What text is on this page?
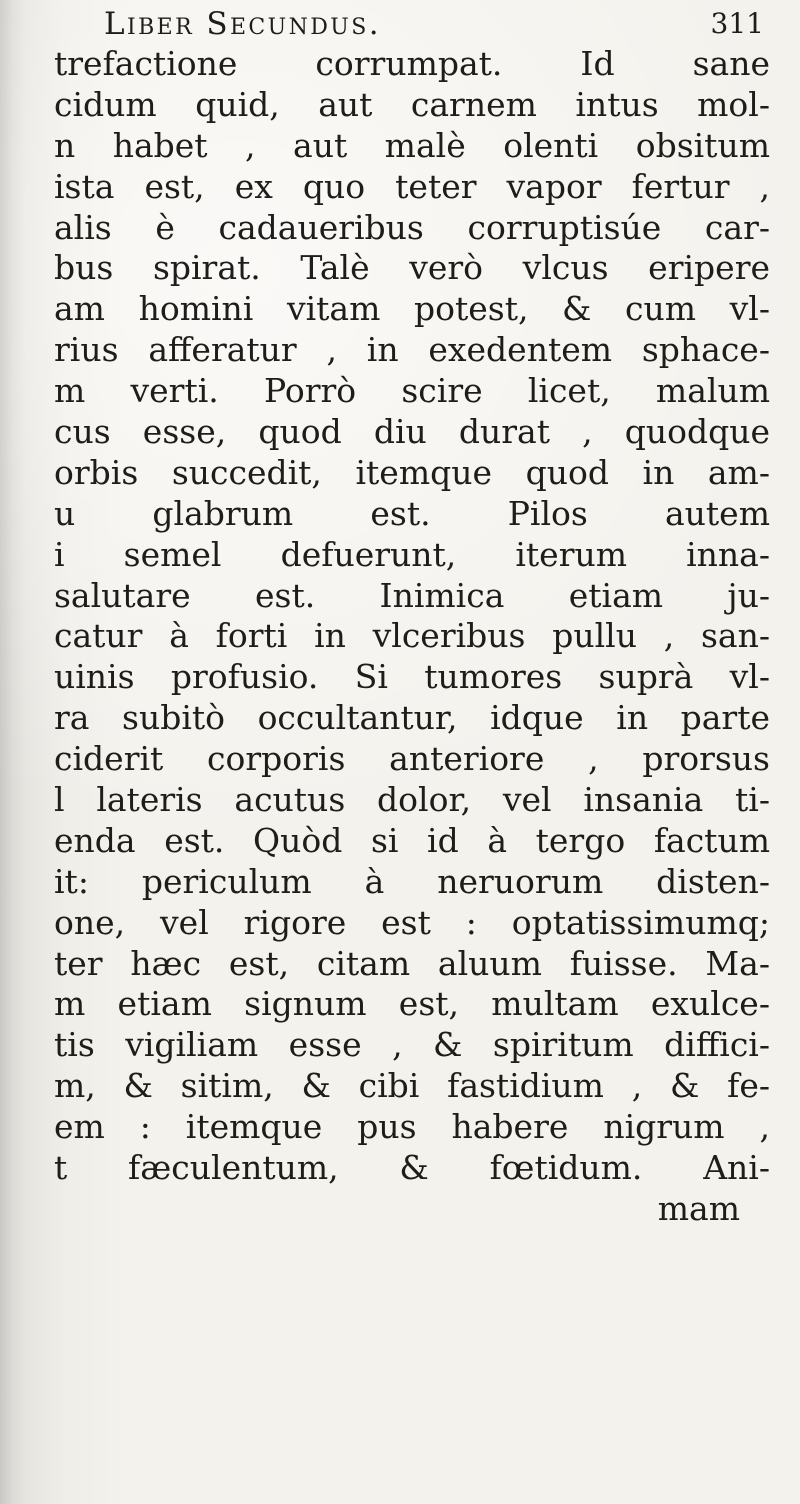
Liber Secundus.	311
trefactione corrumpat. Id sane
cidum quid, aut carnem intus mol-
n habet , aut malè olenti obsitum
ista est, ex quo teter vapor fertur ,
alis è cadaueribus corruptisúe car-
bus spirat. Talè verò vlcus eripere
am homini vitam potest, & cum vl-
rius afferatur , in exedentem sphace-
m verti. Porrò scire licet, malum
cus esse, quod diu durat , quodque
orbis succedit, itemque quod in am-
u glabrum est. Pilos autem
i semel defuerunt, iterum inna-
salutare est. Inimica etiam ju-
catur à forti in vlceribus pullu , san-
uinis profusio. Si tumores suprà vl-
ra subitò occultantur, idque in parte
ciderit corporis anteriore , prorsus
l lateris acutus dolor, vel insania ti-
enda est. Quòd si id à tergo factum
it: periculum à neruorum disten-
one, vel rigore est : optatissimumq;
ter hæc est, citam aluum fuisse. Ma-
m etiam signum est, multam exulce-
tis vigiliam esse , & spiritum diffici-
m, & sitim, & cibi fastidium , & fe-
em : itemque pus habere nigrum ,
t fæculentum, & fœtidum. Ani-
mam
